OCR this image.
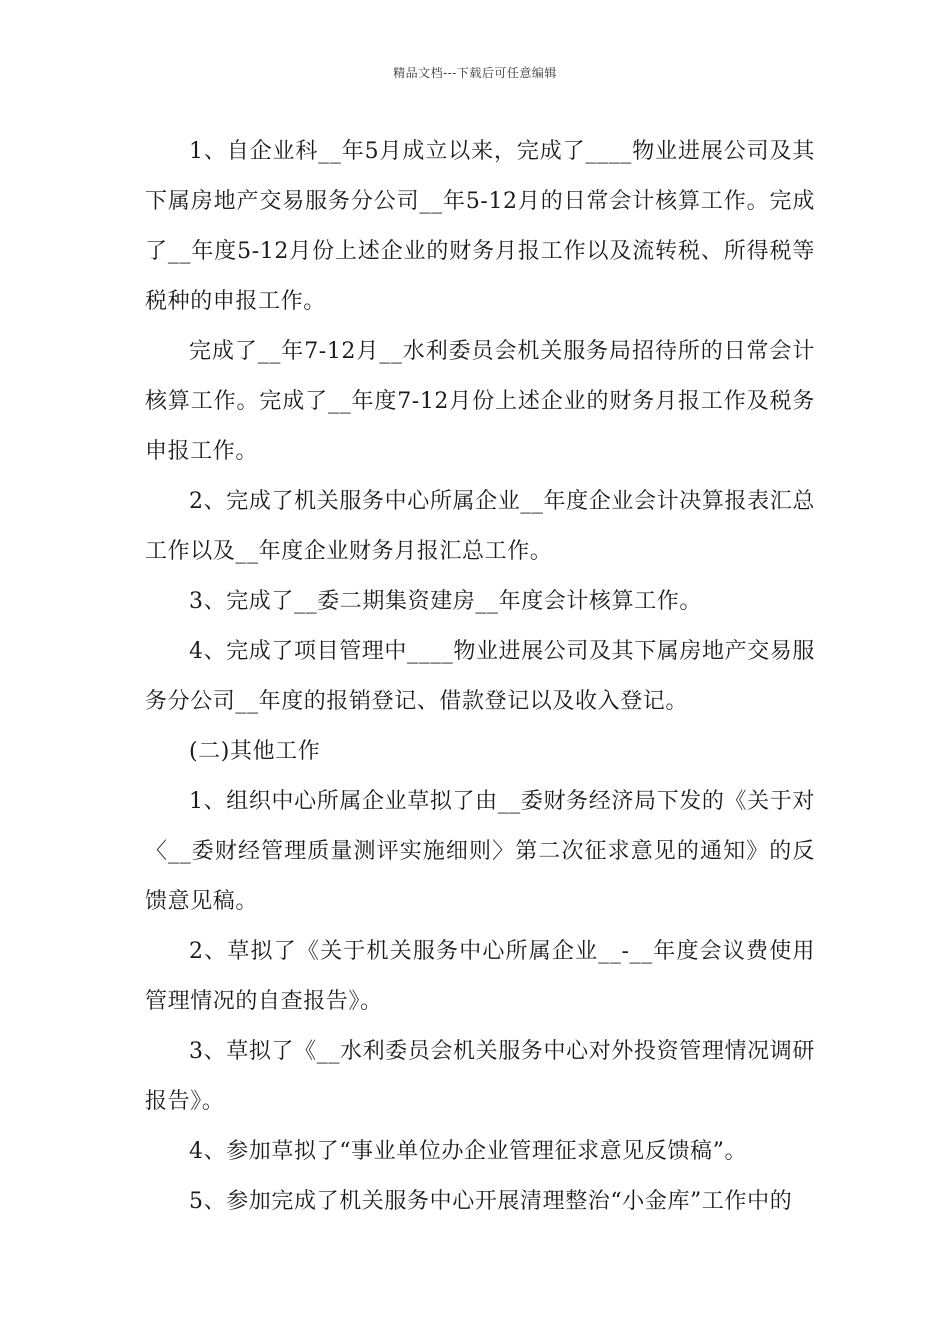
精品文档---下载后可任意编辑

1、自企业科__年5月成立以来，完成了____物业进展公司及其下属房地产交易服务分公司__年5-12月的日常会计核算工作。完成了__年度5-12月份上述企业的财务月报工作以及流转税、所得税等税种的申报工作。

完成了__年7-12月__水利委员会机关服务局招待所的日常会计核算工作。完成了__年度7-12月份上述企业的财务月报工作及税务申报工作。

2、完成了机关服务中心所属企业__年度企业会计决算报表汇总工作以及__年度企业财务月报汇总工作。

3、完成了__委二期集资建房__年度会计核算工作。

4、完成了项目管理中____物业进展公司及其下属房地产交易服务分公司__年度的报销登记、借款登记以及收入登记。

(二)其他工作

1、组织中心所属企业草拟了由__委财务经济局下发的《关于对〈__委财经管理质量测评实施细则〉第二次征求意见的通知》的反馈意见稿。

2、草拟了《关于机关服务中心所属企业__-__年度会议费使用管理情况的自查报告》。

3、草拟了《__水利委员会机关服务中心对外投资管理情况调研报告》。

4、参加草拟了“事业单位办企业管理征求意见反馈稿”。

5、参加完成了机关服务中心开展清理整治“小金库”工作中的
